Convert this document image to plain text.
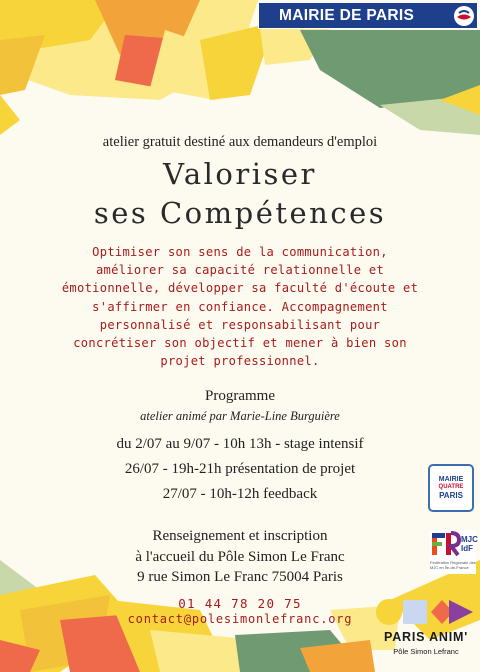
MAIRIE DE PARIS
atelier gratuit destiné aux demandeurs d'emploi
Valoriser
ses Compétences
Optimiser son sens de la communication,
améliorer sa capacité relationnelle et
émotionnelle, développer sa faculté d'écoute et
s'affirmer en confiance. Accompagnement
personnalisé et responsabilisant pour
concrétiser son objectif et mener à bien son
projet professionnel.
Programme
atelier animé par Marie-Line Burguière
du 2/07 au 9/07 - 10h 13h - stage intensif
26/07 - 19h-21h présentation de projet
27/07 - 10h-12h feedback
Renseignement et inscription
à l'accueil du Pôle Simon Le Franc
9 rue Simon Le Franc 75004 Paris
01 44 78 20 75
contact@polesimonlefranc.org
MAIRIE
QUATRE
PARIS
MJC
IdF
Fédération Régionale des MJC en Île-de-France
PARIS ANIM'
Pôle Simon Lefranc
